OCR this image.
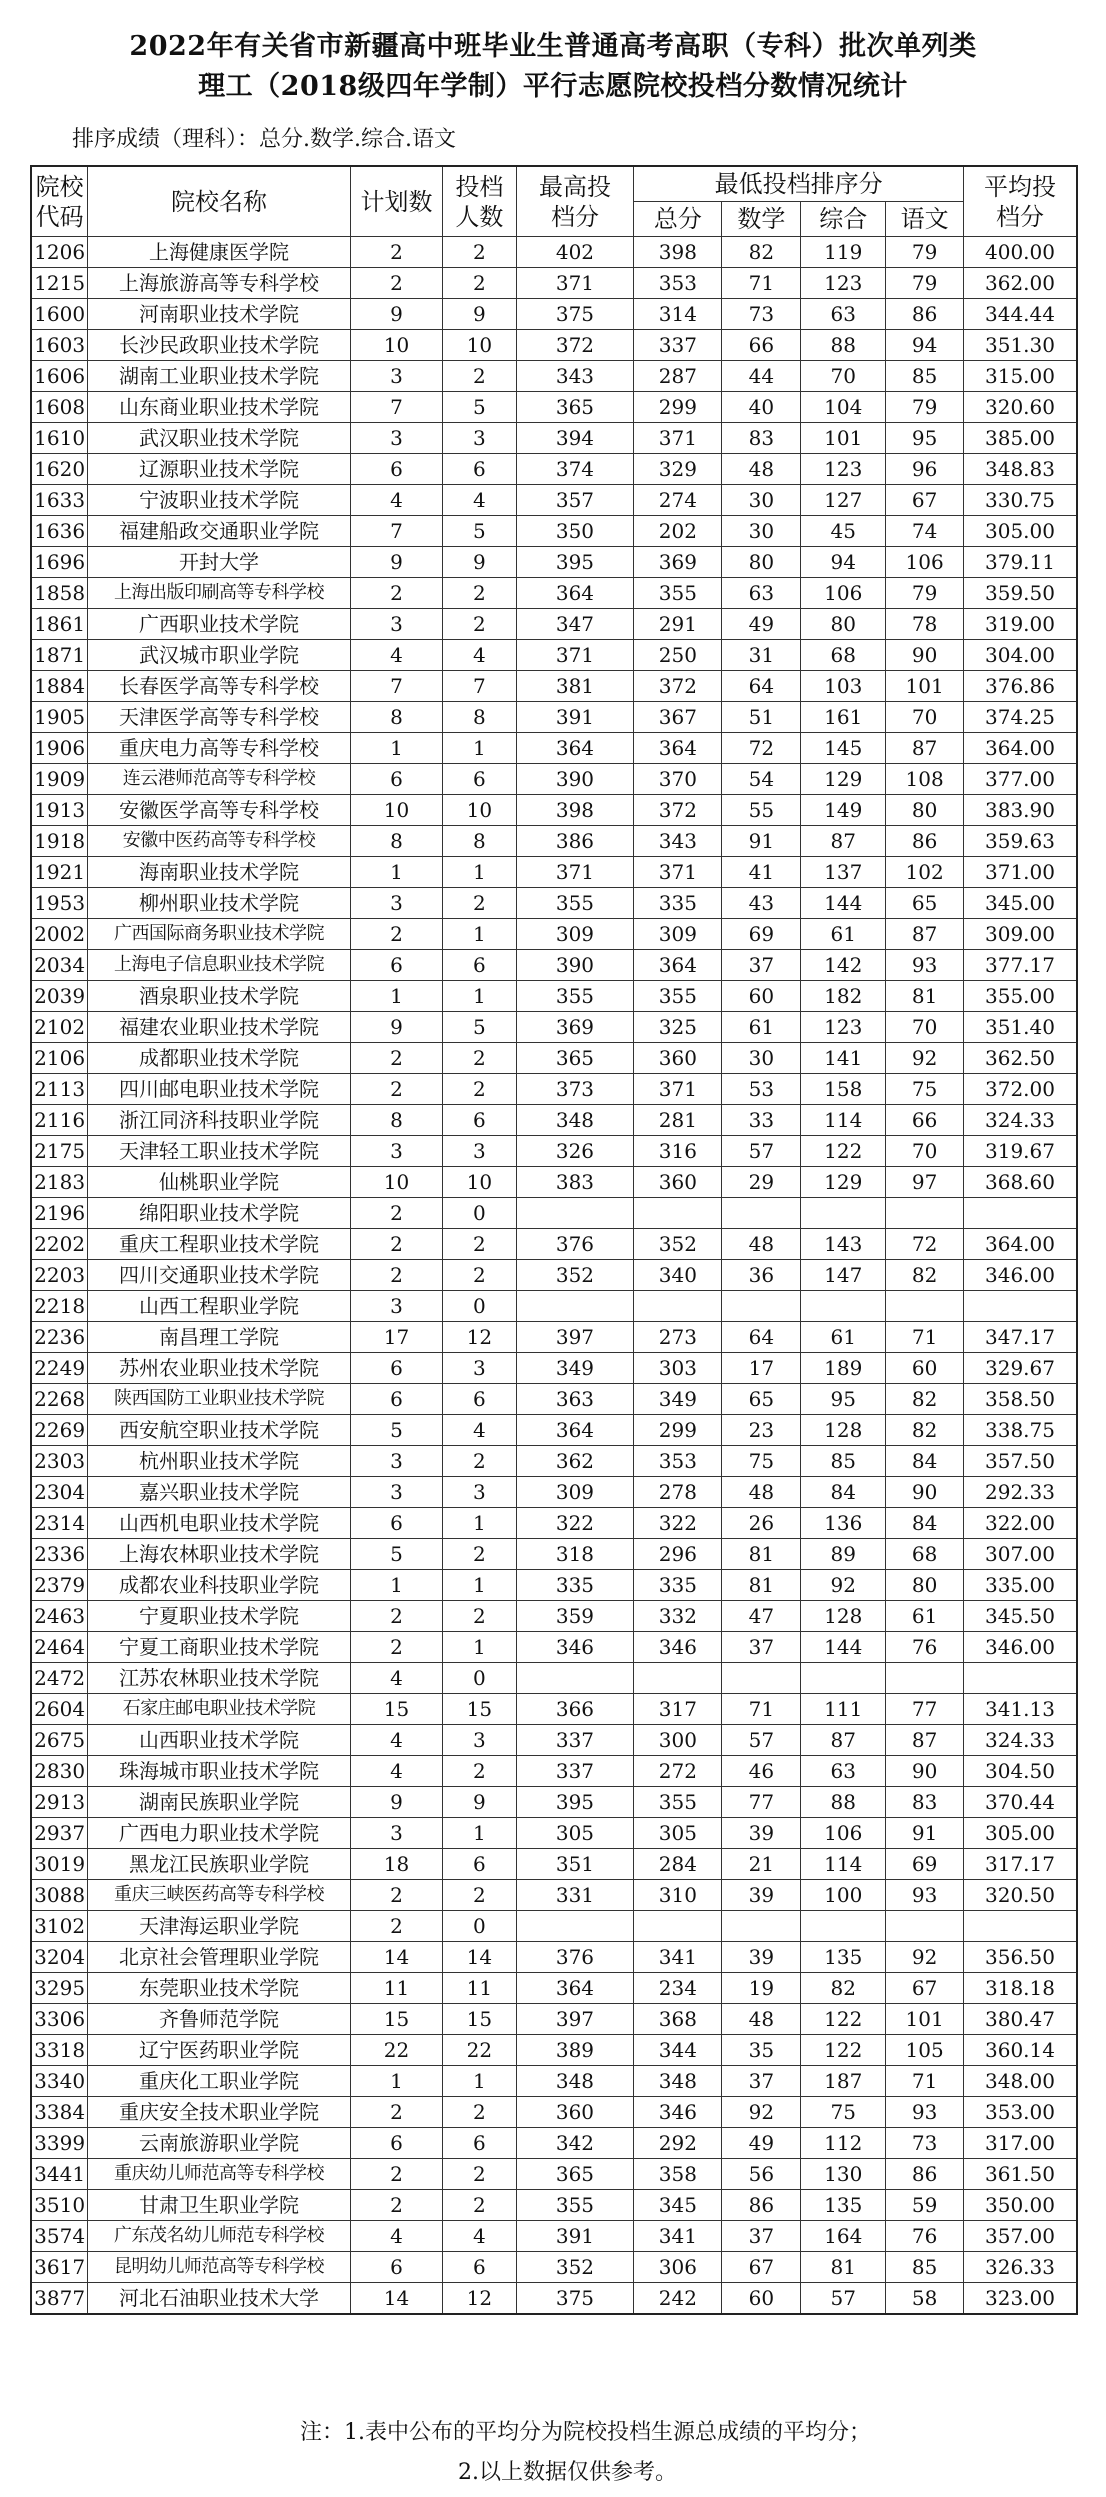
2022年有关省市新疆高中班毕业生普通高考高职（专科）批次单列类
理工（2018级四年学制）平行志愿院校投档分数情况统计
排序成绩（理科）：总分.数学.综合.语文
院校代码	院校名称	计划数	投档人数	最高投档分	最低投档排序分				平均投档分
					总分	数学	综合	语文	
1206	上海健康医学院	2	2	402	398	82	119	79	400.00
1215	上海旅游高等专科学校	2	2	371	353	71	123	79	362.00
1600	河南职业技术学院	9	9	375	314	73	63	86	344.44
1603	长沙民政职业技术学院	10	10	372	337	66	88	94	351.30
1606	湖南工业职业技术学院	3	2	343	287	44	70	85	315.00
1608	山东商业职业技术学院	7	5	365	299	40	104	79	320.60
1610	武汉职业技术学院	3	3	394	371	83	101	95	385.00
1620	辽源职业技术学院	6	6	374	329	48	123	96	348.83
1633	宁波职业技术学院	4	4	357	274	30	127	67	330.75
1636	福建船政交通职业学院	7	5	350	202	30	45	74	305.00
1696	开封大学	9	9	395	369	80	94	106	379.11
1858	上海出版印刷高等专科学校	2	2	364	355	63	106	79	359.50
1861	广西职业技术学院	3	2	347	291	49	80	78	319.00
1871	武汉城市职业学院	4	4	371	250	31	68	90	304.00
1884	长春医学高等专科学校	7	7	381	372	64	103	101	376.86
1905	天津医学高等专科学校	8	8	391	367	51	161	70	374.25
1906	重庆电力高等专科学校	1	1	364	364	72	145	87	364.00
1909	连云港师范高等专科学校	6	6	390	370	54	129	108	377.00
1913	安徽医学高等专科学校	10	10	398	372	55	149	80	383.90
1918	安徽中医药高等专科学校	8	8	386	343	91	87	86	359.63
1921	海南职业技术学院	1	1	371	371	41	137	102	371.00
1953	柳州职业技术学院	3	2	355	335	43	144	65	345.00
2002	广西国际商务职业技术学院	2	1	309	309	69	61	87	309.00
2034	上海电子信息职业技术学院	6	6	390	364	37	142	93	377.17
2039	酒泉职业技术学院	1	1	355	355	60	182	81	355.00
2102	福建农业职业技术学院	9	5	369	325	61	123	70	351.40
2106	成都职业技术学院	2	2	365	360	30	141	92	362.50
2113	四川邮电职业技术学院	2	2	373	371	53	158	75	372.00
2116	浙江同济科技职业学院	8	6	348	281	33	114	66	324.33
2175	天津轻工职业技术学院	3	3	326	316	57	122	70	319.67
2183	仙桃职业学院	10	10	383	360	29	129	97	368.60
2196	绵阳职业技术学院	2	0						
2202	重庆工程职业技术学院	2	2	376	352	48	143	72	364.00
2203	四川交通职业技术学院	2	2	352	340	36	147	82	346.00
2218	山西工程职业学院	3	0						
2236	南昌理工学院	17	12	397	273	64	61	71	347.17
2249	苏州农业职业技术学院	6	3	349	303	17	189	60	329.67
2268	陕西国防工业职业技术学院	6	6	363	349	65	95	82	358.50
2269	西安航空职业技术学院	5	4	364	299	23	128	82	338.75
2303	杭州职业技术学院	3	2	362	353	75	85	84	357.50
2304	嘉兴职业技术学院	3	3	309	278	48	84	90	292.33
2314	山西机电职业技术学院	6	1	322	322	26	136	84	322.00
2336	上海农林职业技术学院	5	2	318	296	81	89	68	307.00
2379	成都农业科技职业学院	1	1	335	335	81	92	80	335.00
2463	宁夏职业技术学院	2	2	359	332	47	128	61	345.50
2464	宁夏工商职业技术学院	2	1	346	346	37	144	76	346.00
2472	江苏农林职业技术学院	4	0						
2604	石家庄邮电职业技术学院	15	15	366	317	71	111	77	341.13
2675	山西职业技术学院	4	3	337	300	57	87	87	324.33
2830	珠海城市职业技术学院	4	2	337	272	46	63	90	304.50
2913	湖南民族职业学院	9	9	395	355	77	88	83	370.44
2937	广西电力职业技术学院	3	1	305	305	39	106	91	305.00
3019	黑龙江民族职业学院	18	6	351	284	21	114	69	317.17
3088	重庆三峡医药高等专科学校	2	2	331	310	39	100	93	320.50
3102	天津海运职业学院	2	0						
3204	北京社会管理职业学院	14	14	376	341	39	135	92	356.50
3295	东莞职业技术学院	11	11	364	234	19	82	67	318.18
3306	齐鲁师范学院	15	15	397	368	48	122	101	380.47
3318	辽宁医药职业学院	22	22	389	344	35	122	105	360.14
3340	重庆化工职业学院	1	1	348	348	37	187	71	348.00
3384	重庆安全技术职业学院	2	2	360	346	92	75	93	353.00
3399	云南旅游职业学院	6	6	342	292	49	112	73	317.00
3441	重庆幼儿师范高等专科学校	2	2	365	358	56	130	86	361.50
3510	甘肃卫生职业学院	2	2	355	345	86	135	59	350.00
3574	广东茂名幼儿师范专科学校	4	4	391	341	37	164	76	357.00
3617	昆明幼儿师范高等专科学校	6	6	352	306	67	81	85	326.33
3877	河北石油职业技术大学	14	12	375	242	60	57	58	323.00
注：1.表中公布的平均分为院校投档生源总成绩的平均分；
2.以上数据仅供参考。
